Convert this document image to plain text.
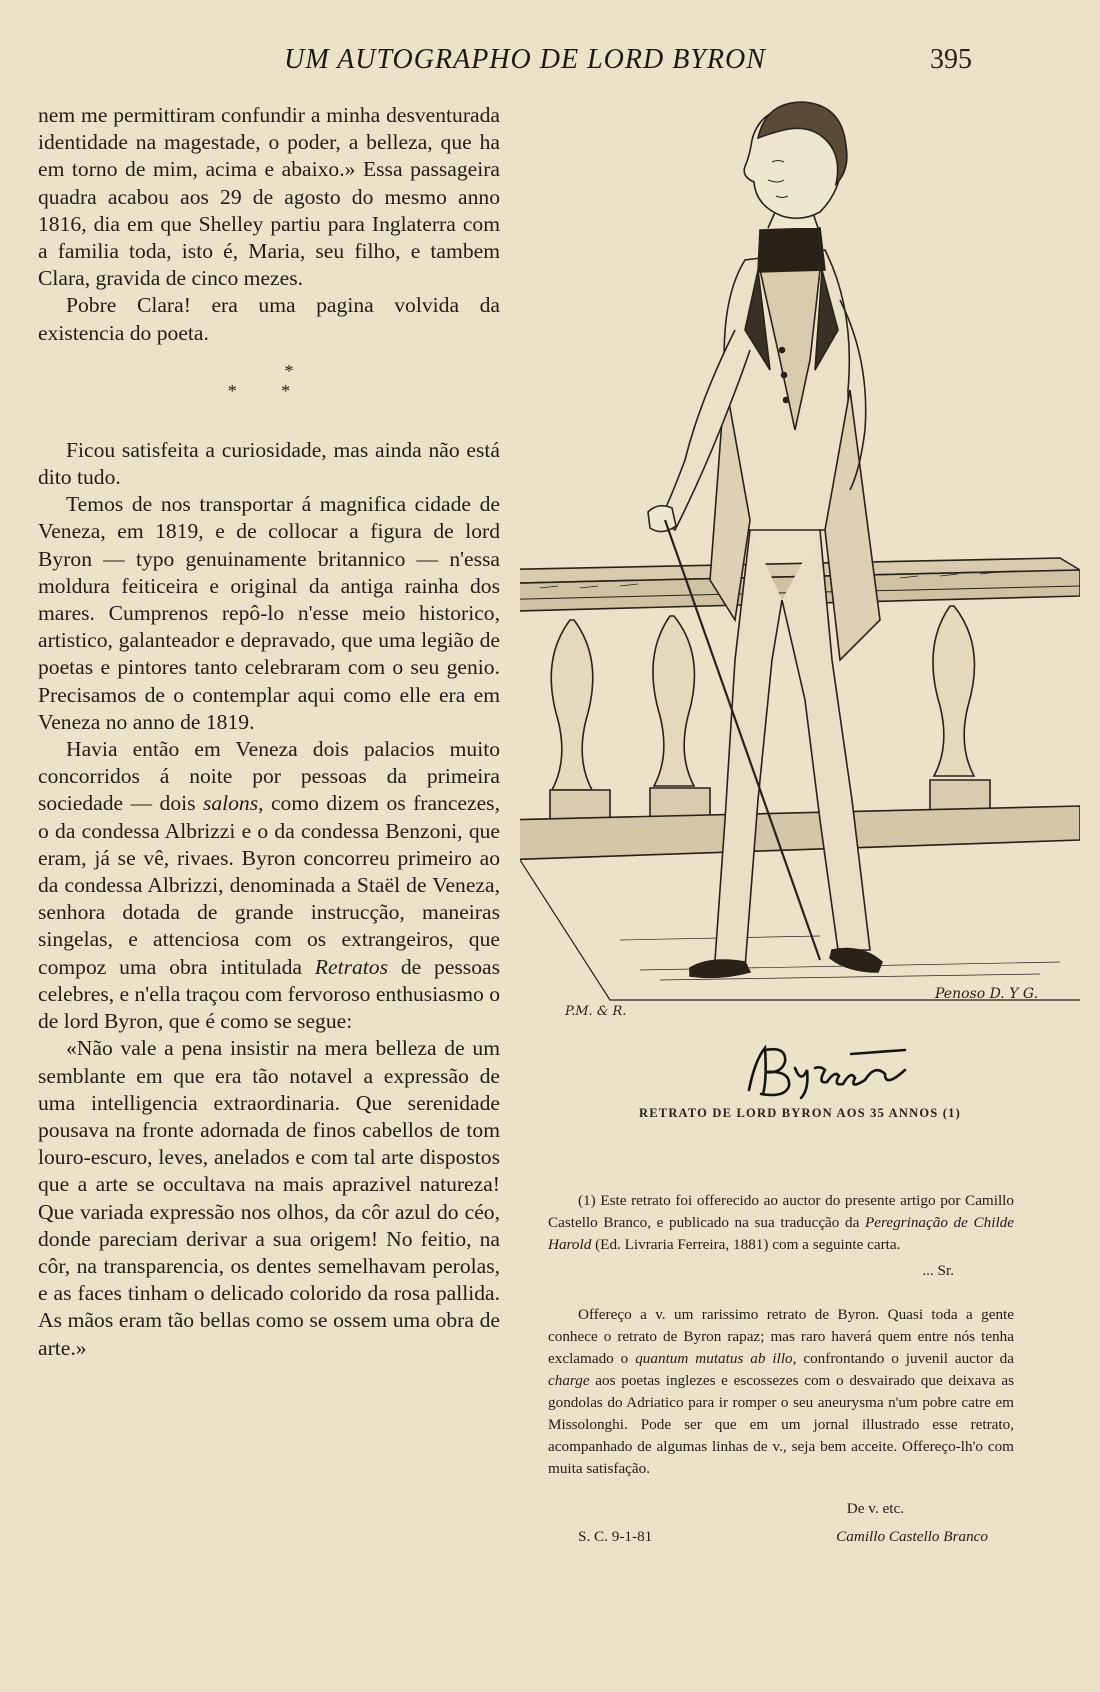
UM AUTOGRAPHO DE LORD BYRON	395

nem me permittiram confundir a minha desventurada identidade na magestade, o poder, a belleza, que ha em torno de mim, acima e abaixo.» Essa passageira quadra acabou aos 29 de agosto do mesmo anno 1816, dia em que Shelley partiu para Inglaterra com a familia toda, isto é, Maria, seu filho, e tambem Clara, gravida de cinco mezes.

Pobre Clara! era uma pagina volvida da existencia do poeta.

*
* *

Ficou satisfeita a curiosidade, mas ainda não está dito tudo.

Temos de nos transportar á magnifica cidade de Veneza, em 1819, e de collocar a figura de lord Byron — typo genuinamente britannico — n'essa moldura feiticeira e original da antiga rainha dos mares. Cumprenos repô-lo n'esse meio historico, artistico, galanteador e depravado, que uma legião de poetas e pintores tanto celebraram com o seu genio. Precisamos de o contemplar aqui como elle era em Veneza no anno de 1819.

Havia então em Veneza dois palacios muito concorridos á noite por pessoas da primeira sociedade — dois salons, como dizem os francezes, o da condessa Albrizzi e o da condessa Benzoni, que eram, já se vê, rivaes. Byron concorreu primeiro ao da condessa Albrizzi, denominada a Staël de Veneza, senhora dotada de grande instrucção, maneiras singelas, e attenciosa com os extrangeiros, que compoz uma obra intitulada Retratos de pessoas celebres, e n'ella traçou com fervoroso enthusiasmo o de lord Byron, que é como se segue:

«Não vale a pena insistir na mera belleza de um semblante em que era tão notavel a expressão de uma intelligencia extraordinaria. Que serenidade pousava na fronte adornada de finos cabellos de tom louro-escuro, leves, anelados e com tal arte dispostos que a arte se occultava na mais aprazivel natureza! Que variada expressão nos olhos, da côr azul do céo, donde pareciam derivar a sua origem! No feitio, na côr, na transparencia, os dentes semelhavam perolas, e as faces tinham o delicado colorido da rosa pallida. As mãos eram tão bellas como se ossem uma obra de arte.»

P.M. & R.
Penoso D. Y G.
RETRATO DE LORD BYRON AOS 35 ANNOS (1)

(1) Este retrato foi offerecido ao auctor do presente artigo por Camillo Castello Branco, e publicado na sua traducção da Peregrinação de Childe Harold (Ed. Livraria Ferreira, 1881) com a seguinte carta.

... Sr.

Offereço a v. um rarissimo retrato de Byron. Quasi toda a gente conhece o retrato de Byron rapaz; mas raro haverá quem entre nós tenha exclamado o quantum mutatus ab illo, confrontando o juvenil auctor da charge aos poetas inglezes e escossezes com o desvairado que deixava as gondolas do Adriatico para ir romper o seu aneurysma n'um pobre catre em Missolonghi. Pode ser que em um jornal illustrado esse retrato, acompanhado de algumas linhas de v., seja bem acceite. Offereço-lh'o com muita satisfação.

De v. etc.

S. C. 9-1-81	Camillo Castello Branco
